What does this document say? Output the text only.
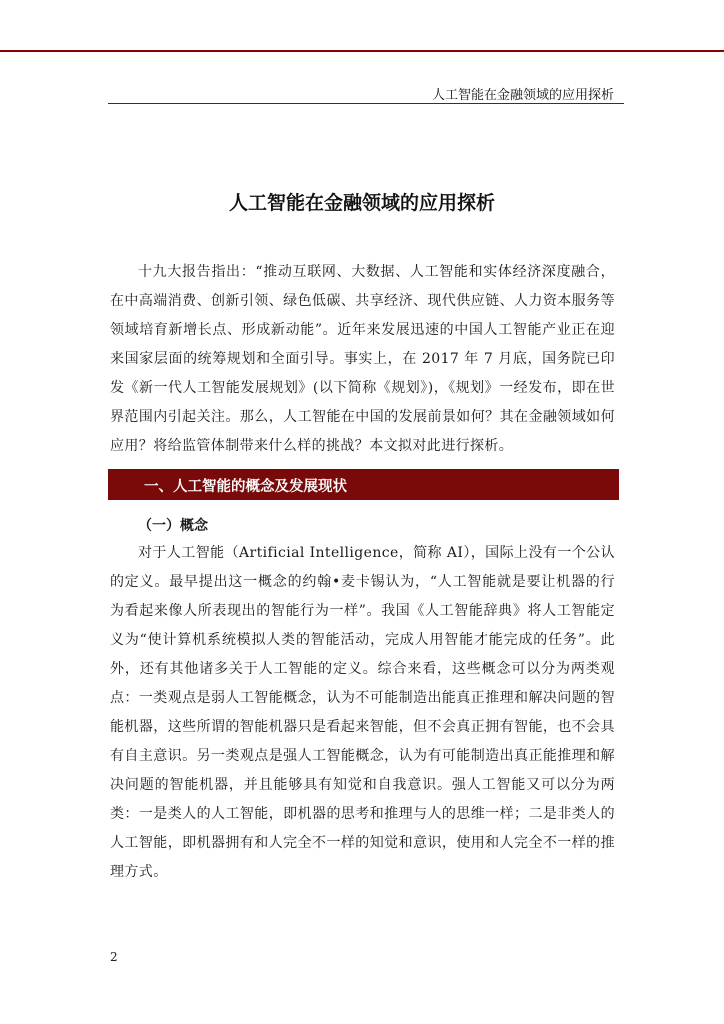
人工智能在金融领域的应用探析
人工智能在金融领域的应用探析

十九大报告指出：“推动互联网、大数据、人工智能和实体经济深度融合，在中高端消费、创新引领、绿色低碳、共享经济、现代供应链、人力资本服务等领域培育新增长点、形成新动能”。近年来发展迅速的中国人工智能产业正在迎来国家层面的统筹规划和全面引导。事实上，在 2017 年 7 月底，国务院已印发《新一代人工智能发展规划》(以下简称《规划》)，《规划》一经发布，即在世界范围内引起关注。那么，人工智能在中国的发展前景如何？其在金融领域如何应用？将给监管体制带来什么样的挑战？本文拟对此进行探析。

一、人工智能的概念及发展现状
（一）概念

对于人工智能（Artificial Intelligence，简称 AI），国际上没有一个公认的定义。最早提出这一概念的约翰•麦卡锡认为，“人工智能就是要让机器的行为看起来像人所表现出的智能行为一样”。我国《人工智能辞典》将人工智能定义为“使计算机系统模拟人类的智能活动，完成人用智能才能完成的任务”。此外，还有其他诸多关于人工智能的定义。综合来看，这些概念可以分为两类观点：一类观点是弱人工智能概念，认为不可能制造出能真正推理和解决问题的智能机器，这些所谓的智能机器只是看起来智能，但不会真正拥有智能，也不会具有自主意识。另一类观点是强人工智能概念，认为有可能制造出真正能推理和解决问题的智能机器，并且能够具有知觉和自我意识。强人工智能又可以分为两类：一是类人的人工智能，即机器的思考和推理与人的思维一样；二是非类人的人工智能，即机器拥有和人完全不一样的知觉和意识，使用和人完全不一样的推理方式。

2
